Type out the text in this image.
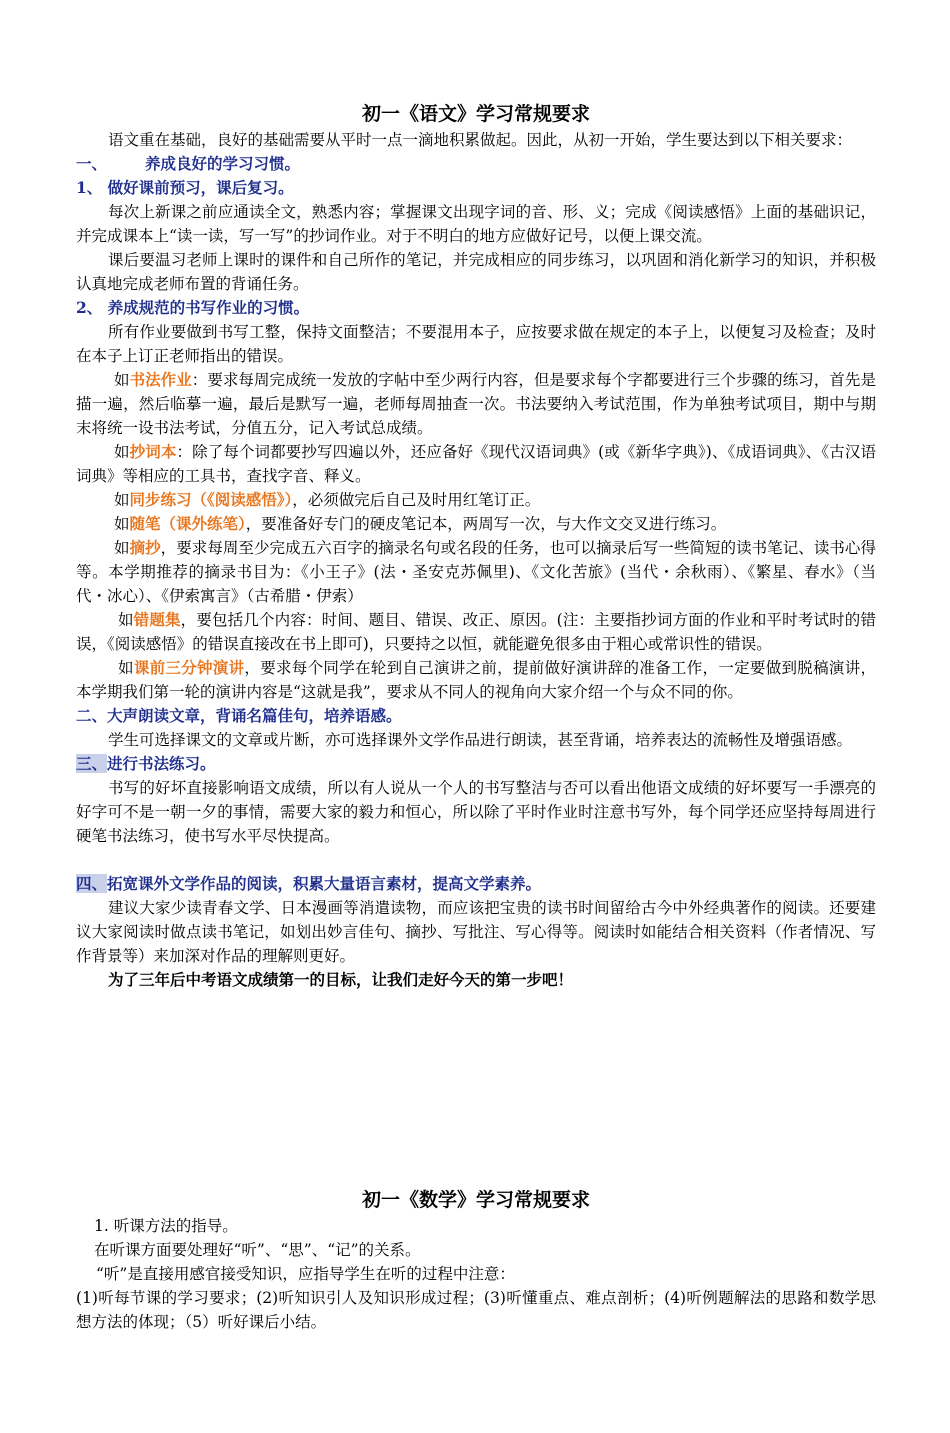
初一《语文》学习常规要求

语文重在基础，良好的基础需要从平时一点一滴地积累做起。因此，从初一开始，学生要达到以下相关要求：

一、 养成良好的学习习惯。

1、 做好课前预习，课后复习。

每次上新课之前应通读全文，熟悉内容；掌握课文出现字词的音、形、义；完成《阅读感悟》上面的基础识记，并完成课本上“读一读，写一写”的抄词作业。对于不明白的地方应做好记号，以便上课交流。

课后要温习老师上课时的课件和自己所作的笔记，并完成相应的同步练习，以巩固和消化新学习的知识，并积极认真地完成老师布置的背诵任务。

2、 养成规范的书写作业的习惯。

所有作业要做到书写工整，保持文面整洁；不要混用本子，应按要求做在规定的本子上，以便复习及检查；及时在本子上订正老师指出的错误。

如书法作业：要求每周完成统一发放的字帖中至少两行内容，但是要求每个字都要进行三个步骤的练习，首先是描一遍，然后临摹一遍，最后是默写一遍，老师每周抽查一次。书法要纳入考试范围，作为单独考试项目，期中与期末将统一设书法考试，分值五分，记入考试总成绩。

如抄词本：除了每个词都要抄写四遍以外，还应备好《现代汉语词典》(或《新华字典》)、《成语词典》、《古汉语词典》等相应的工具书，查找字音、释义。

如同步练习（《阅读感悟》），必须做完后自己及时用红笔订正。

如随笔（课外练笔），要准备好专门的硬皮笔记本，两周写一次，与大作文交叉进行练习。

如摘抄，要求每周至少完成五六百字的摘录名句或名段的任务，也可以摘录后写一些简短的读书笔记、读书心得等。本学期推荐的摘录书目为：《小王子》(法・圣安克苏佩里)、《文化苦旅》(当代・余秋雨）、《繁星、春水》（当代・冰心）、《伊索寓言》（古希腊・伊索）

如错题集，要包括几个内容：时间、题目、错误、改正、原因。(注：主要指抄词方面的作业和平时考试时的错误，《阅读感悟》的错误直接改在书上即可)，只要持之以恒，就能避免很多由于粗心或常识性的错误。

如课前三分钟演讲，要求每个同学在轮到自己演讲之前，提前做好演讲辞的准备工作，一定要做到脱稿演讲，本学期我们第一轮的演讲内容是“这就是我”，要求从不同人的视角向大家介绍一个与众不同的你。

二、大声朗读文章，背诵名篇佳句，培养语感。

学生可选择课文的文章或片断，亦可选择课外文学作品进行朗读，甚至背诵，培养表达的流畅性及增强语感。

三、进行书法练习。

书写的好坏直接影响语文成绩，所以有人说从一个人的书写整洁与否可以看出他语文成绩的好坏要写一手漂亮的好字可不是一朝一夕的事情，需要大家的毅力和恒心，所以除了平时作业时注意书写外，每个同学还应坚持每周进行硬笔书法练习，使书写水平尽快提高。

四、拓宽课外文学作品的阅读，积累大量语言素材，提高文学素养。

建议大家少读青春文学、日本漫画等消遣读物，而应该把宝贵的读书时间留给古今中外经典著作的阅读。还要建议大家阅读时做点读书笔记，如划出妙言佳句、摘抄、写批注、写心得等。阅读时如能结合相关资料（作者情况、写作背景等）来加深对作品的理解则更好。

为了三年后中考语文成绩第一的目标，让我们走好今天的第一步吧！

初一《数学》学习常规要求

1. 听课方法的指导。

在听课方面要处理好“听”、“思”、“记”的关系。

“听”是直接用感官接受知识，应指导学生在听的过程中注意：

(1)听每节课的学习要求；(2)听知识引人及知识形成过程；(3)听懂重点、难点剖析；(4)听例题解法的思路和数学思想方法的体现；（5）听好课后小结。
